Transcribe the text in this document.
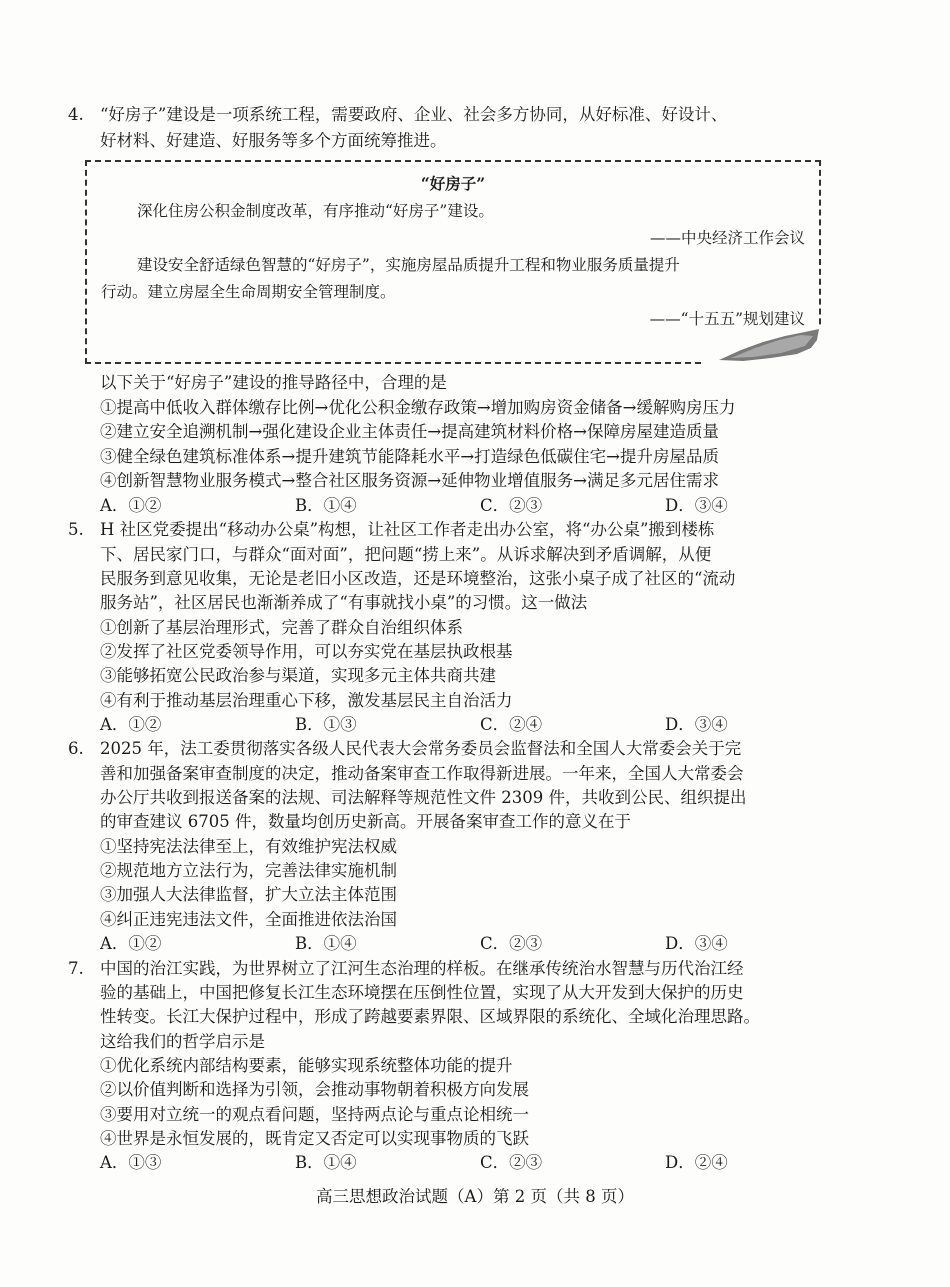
4. “好房子”建设是一项系统工程，需要政府、企业、社会多方协同，从好标准、好设计、
好材料、好建造、好服务等多个方面统筹推进。
“好房子”
深化住房公积金制度改革，有序推动“好房子”建设。
——中央经济工作会议
建设安全舒适绿色智慧的“好房子”，实施房屋品质提升工程和物业服务质量提升
行动。建立房屋全生命周期安全管理制度。
——“十五五”规划建议
以下关于“好房子”建设的推导路径中，合理的是
①提高中低收入群体缴存比例→优化公积金缴存政策→增加购房资金储备→缓解购房压力
②建立安全追溯机制→强化建设企业主体责任→提高建筑材料价格→保障房屋建造质量
③健全绿色建筑标准体系→提升建筑节能降耗水平→打造绿色低碳住宅→提升房屋品质
④创新智慧物业服务模式→整合社区服务资源→延伸物业增值服务→满足多元居住需求
A．①②	B．①④	C．②③	D．③④
5. H 社区党委提出“移动办公桌”构想，让社区工作者走出办公室，将“办公桌”搬到楼栋
下、居民家门口，与群众“面对面”，把问题“捞上来”。从诉求解决到矛盾调解，从便
民服务到意见收集，无论是老旧小区改造，还是环境整治，这张小桌子成了社区的“流动
服务站”，社区居民也渐渐养成了“有事就找小桌”的习惯。这一做法
①创新了基层治理形式，完善了群众自治组织体系
②发挥了社区党委领导作用，可以夯实党在基层执政根基
③能够拓宽公民政治参与渠道，实现多元主体共商共建
④有利于推动基层治理重心下移，激发基层民主自治活力
A．①②	B．①③	C．②④	D．③④
6. 2025 年，法工委贯彻落实各级人民代表大会常务委员会监督法和全国人大常委会关于完
善和加强备案审查制度的决定，推动备案审查工作取得新进展。一年来，全国人大常委会
办公厅共收到报送备案的法规、司法解释等规范性文件 2309 件，共收到公民、组织提出
的审查建议 6705 件，数量均创历史新高。开展备案审查工作的意义在于
①坚持宪法法律至上，有效维护宪法权威
②规范地方立法行为，完善法律实施机制
③加强人大法律监督，扩大立法主体范围
④纠正违宪违法文件，全面推进依法治国
A．①②	B．①④	C．②③	D．③④
7. 中国的治江实践，为世界树立了江河生态治理的样板。在继承传统治水智慧与历代治江经
验的基础上，中国把修复长江生态环境摆在压倒性位置，实现了从大开发到大保护的历史
性转变。长江大保护过程中，形成了跨越要素界限、区域界限的系统化、全域化治理思路。
这给我们的哲学启示是
①优化系统内部结构要素，能够实现系统整体功能的提升
②以价值判断和选择为引领，会推动事物朝着积极方向发展
③要用对立统一的观点看问题，坚持两点论与重点论相统一
④世界是永恒发展的，既肯定又否定可以实现事物质的飞跃
A．①③	B．①④	C．②③	D．②④
高三思想政治试题（A）第 2 页（共 8 页）
